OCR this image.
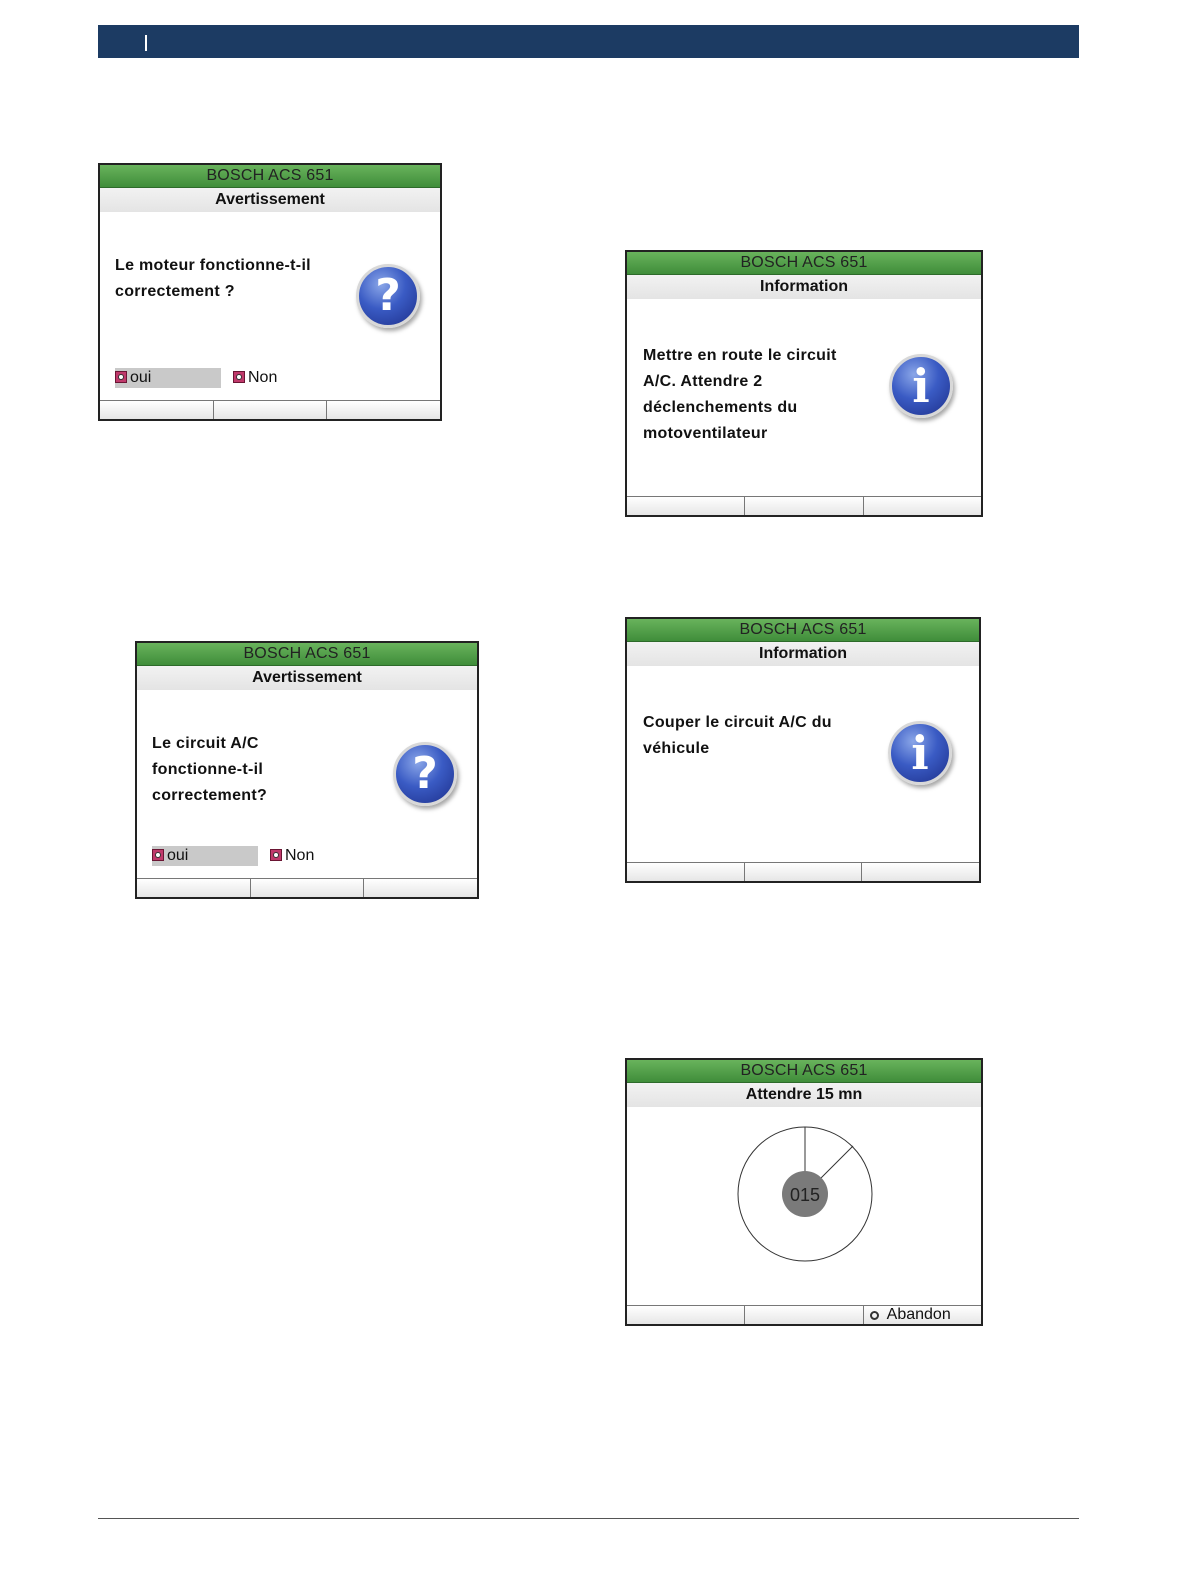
BOSCH ACS 651
Avertissement
Le moteur fonctionne-t-il
correctement ?	?
oui	Non
BOSCH ACS 651
Avertissement
Le circuit A/C
fonctionne-t-il
correctement?	?
oui	Non
BOSCH ACS 651
Information
Mettre en route le circuit
A/C. Attendre 2
déclenchements du
motoventilateur
i
BOSCH ACS 651
Information
Couper le circuit A/C du
véhicule	i
BOSCH ACS 651
Attendre 15 mn
015
Abandon
